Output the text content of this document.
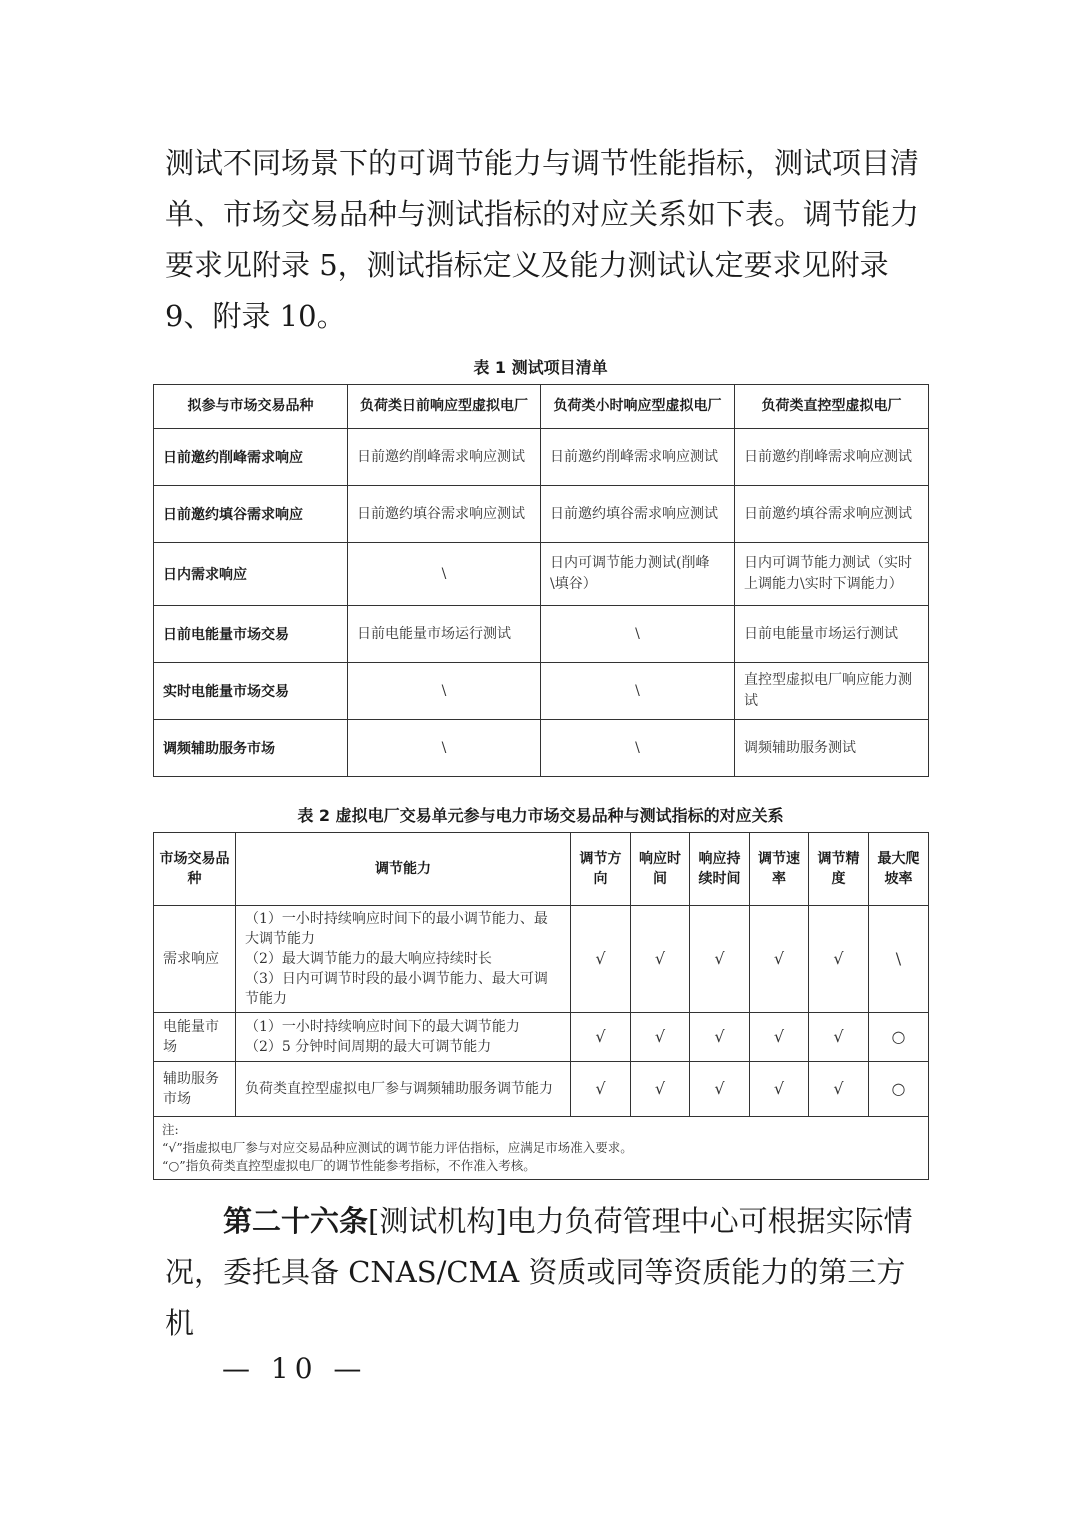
测试不同场景下的可调节能力与调节性能指标，测试项目清单、市场交易品种与测试指标的对应关系如下表。调节能力要求见附录 5，测试指标定义及能力测试认定要求见附录 9、附录 10。

表 1 测试项目清单
拟参与市场交易品种	负荷类日前响应型虚拟电厂	负荷类小时响应型虚拟电厂	负荷类直控型虚拟电厂
日前邀约削峰需求响应	日前邀约削峰需求响应测试	日前邀约削峰需求响应测试	日前邀约削峰需求响应测试
日前邀约填谷需求响应	日前邀约填谷需求响应测试	日前邀约填谷需求响应测试	日前邀约填谷需求响应测试
日内需求响应	\	日内可调节能力测试(削峰\填谷）	日内可调节能力测试（实时上调能力\实时下调能力）
日前电能量市场交易	日前电能量市场运行测试	\	日前电能量市场运行测试
实时电能量市场交易	\	\	直控型虚拟电厂响应能力测试
调频辅助服务市场	\	\	调频辅助服务测试
表 2 虚拟电厂交易单元参与电力市场交易品种与测试指标的对应关系
市场交易品种	调节能力	调节方向	响应时间	响应持续时间	调节速率	调节精度	最大爬坡率
需求响应	（1）一小时持续响应时间下的最小调节能力、最大调节能力
（2）最大调节能力的最大响应持续时长
（3）日内可调节时段的最小调节能力、最大可调节能力	√	√	√	√	√	\
电能量市场	（1）一小时持续响应时间下的最大调节能力
（2）5 分钟时间周期的最大可调节能力	√	√	√	√	√	○
辅助服务市场	负荷类直控型虚拟电厂参与调频辅助服务调节能力	√	√	√	√	√	○

注:
“√”指虚拟电厂参与对应交易品种应测试的调节能力评估指标，应满足市场准入要求。
“○”指负荷类直控型虚拟电厂的调节性能参考指标，不作准入考核。							

第二十六条[测试机构]电力负荷管理中心可根据实际情况，委托具备 CNAS/CMA 资质或同等资质能力的第三方机

— 10 —
